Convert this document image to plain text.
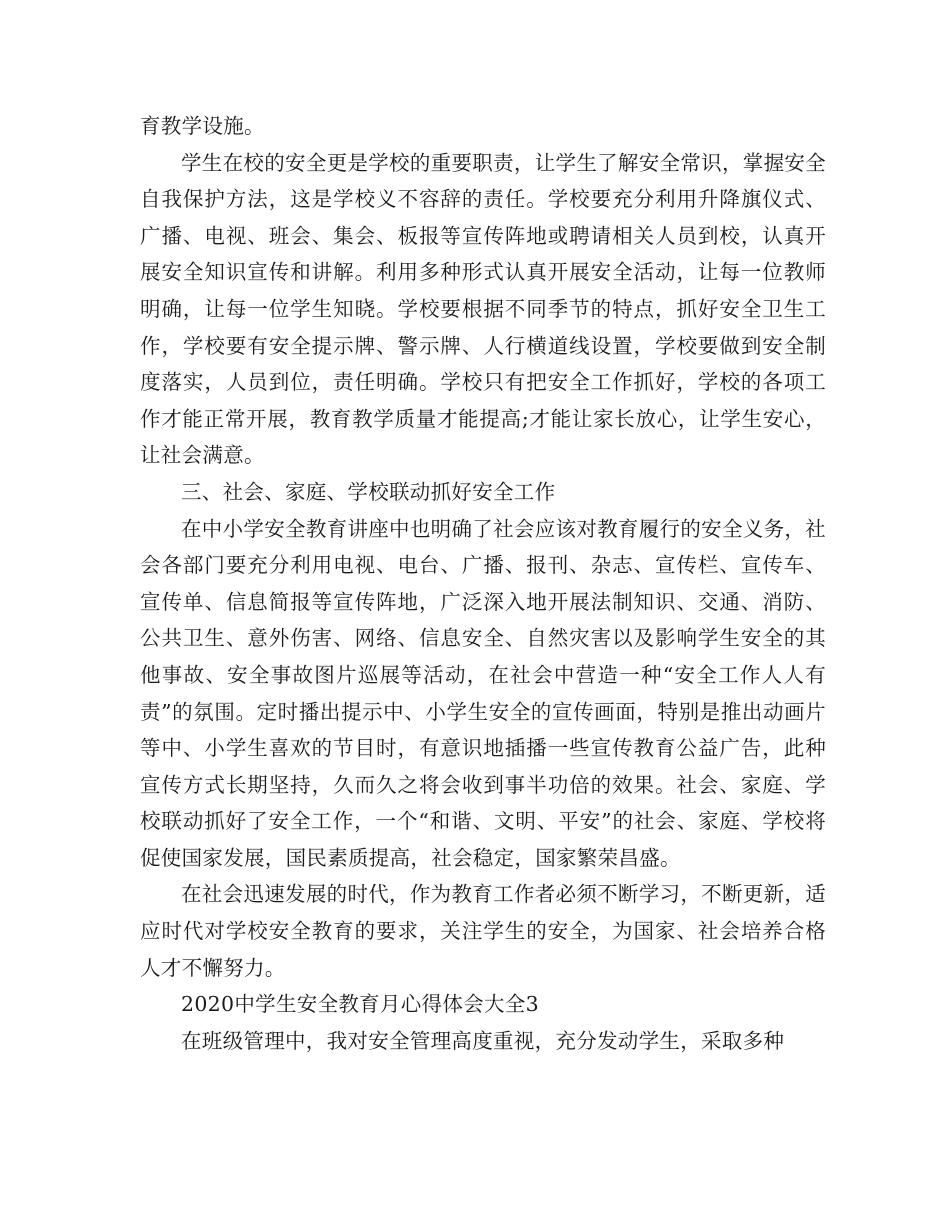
育教学设施。

学生在校的安全更是学校的重要职责，让学生了解安全常识，掌握安全自我保护方法，这是学校义不容辞的责任。学校要充分利用升降旗仪式、广播、电视、班会、集会、板报等宣传阵地或聘请相关人员到校，认真开展安全知识宣传和讲解。利用多种形式认真开展安全活动，让每一位教师明确，让每一位学生知晓。学校要根据不同季节的特点，抓好安全卫生工作，学校要有安全提示牌、警示牌、人行横道线设置，学校要做到安全制度落实，人员到位，责任明确。学校只有把安全工作抓好，学校的各项工作才能正常开展，教育教学质量才能提高;才能让家长放心，让学生安心，让社会满意。

三、社会、家庭、学校联动抓好安全工作

在中小学安全教育讲座中也明确了社会应该对教育履行的安全义务，社会各部门要充分利用电视、电台、广播、报刊、杂志、宣传栏、宣传车、宣传单、信息简报等宣传阵地，广泛深入地开展法制知识、交通、消防、公共卫生、意外伤害、网络、信息安全、自然灾害以及影响学生安全的其他事故、安全事故图片巡展等活动，在社会中营造一种“安全工作人人有责”的氛围。定时播出提示中、小学生安全的宣传画面，特别是推出动画片等中、小学生喜欢的节目时，有意识地插播一些宣传教育公益广告，此种宣传方式长期坚持，久而久之将会收到事半功倍的效果。社会、家庭、学校联动抓好了安全工作，一个“和谐、文明、平安”的社会、家庭、学校将促使国家发展，国民素质提高，社会稳定，国家繁荣昌盛。

在社会迅速发展的时代，作为教育工作者必须不断学习，不断更新，适应时代对学校安全教育的要求，关注学生的安全，为国家、社会培养合格人才不懈努力。

2020中学生安全教育月心得体会大全3

在班级管理中，我对安全管理高度重视，充分发动学生，采取多种
